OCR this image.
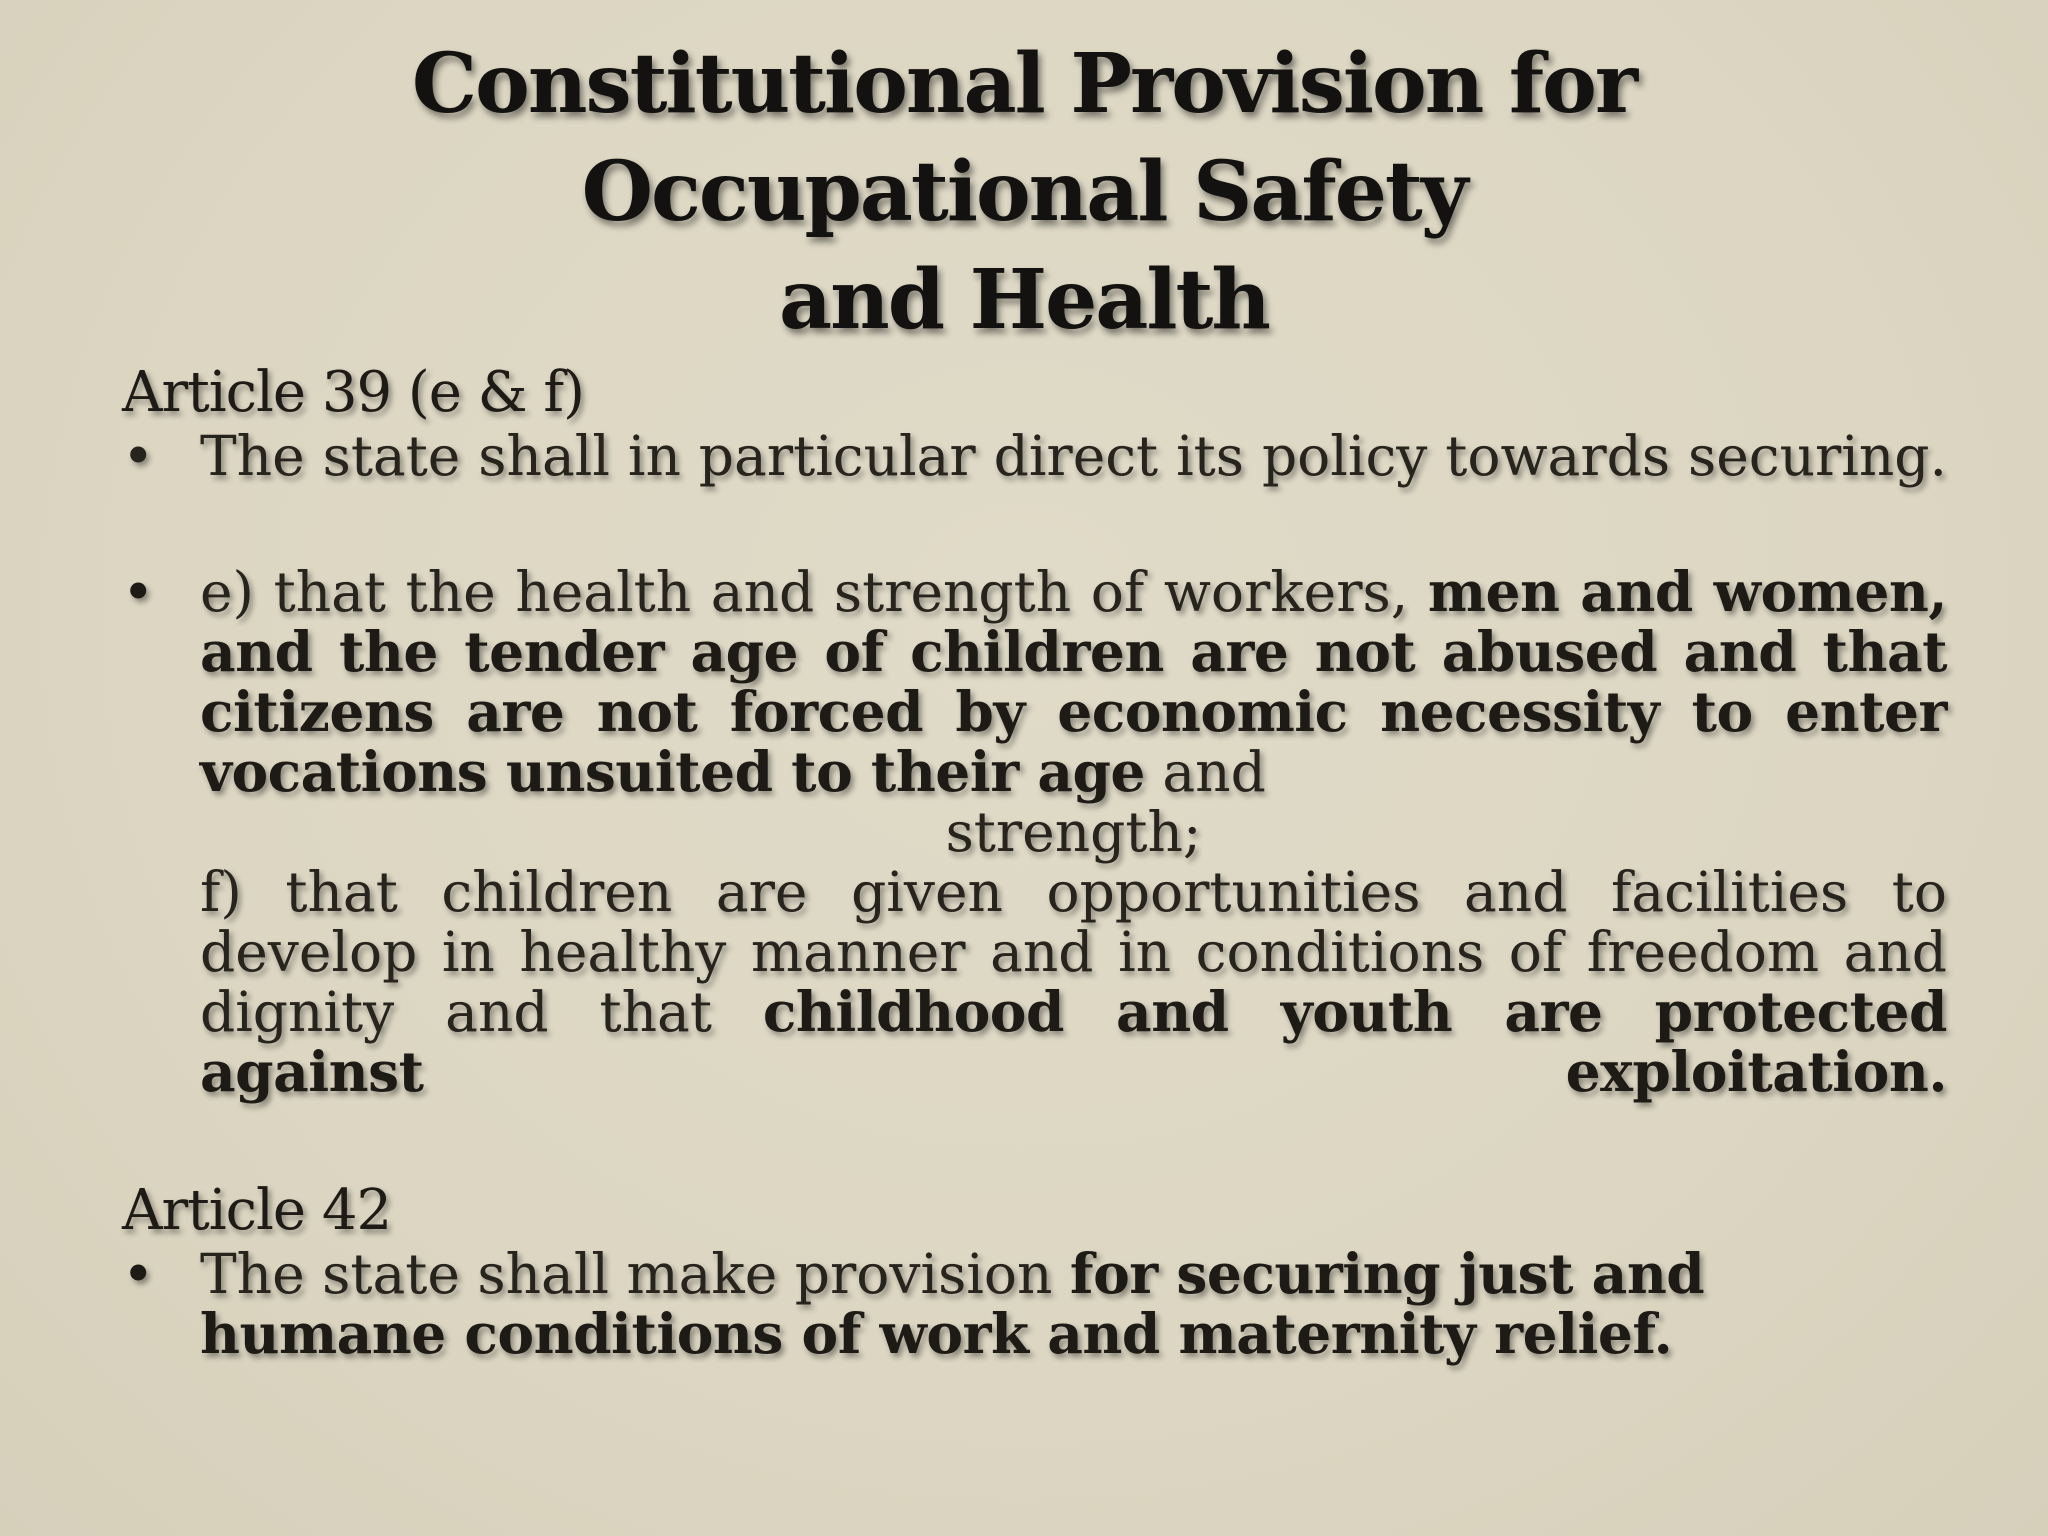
Constitutional Provision for Occupational Safety
and Health

Article 39 (e & f)

• The state shall in particular direct its policy towards securing.
• e) that the health and strength of workers, men and women, and the tender age of children are not abused and that citizens are not forced by economic necessity to enter vocations unsuited to their age and
strength;
f) that children are given opportunities and facilities to develop in healthy manner and in conditions of freedom and dignity and that childhood and youth are protected against exploitation.

Article 42

• The state shall make provision for securing just and humane conditions of work and maternity relief.
